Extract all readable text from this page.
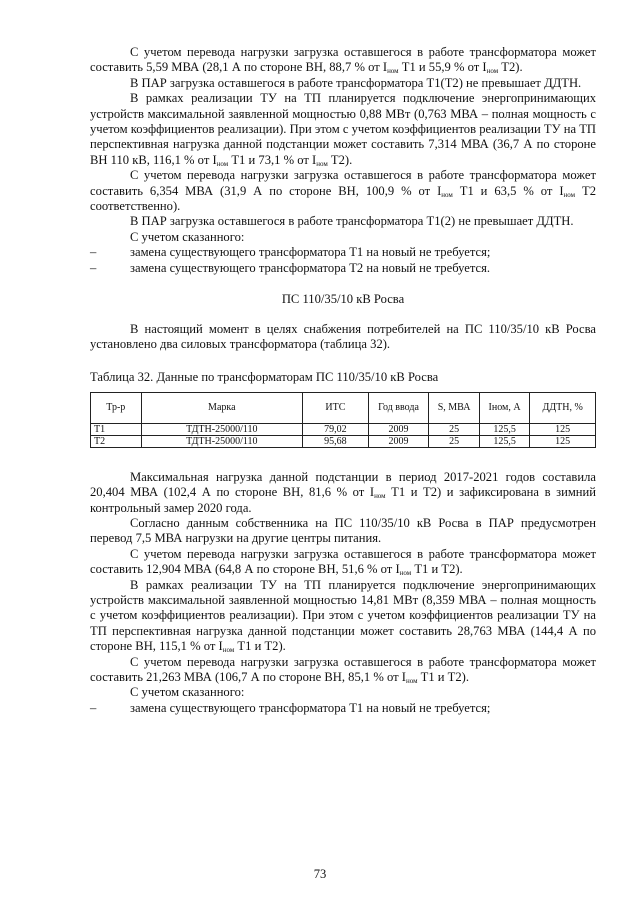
С учетом перевода нагрузки загрузка оставшегося в работе трансформатора может составить 5,59 МВА (28,1 А по стороне ВН, 88,7 % от $I_{ном}$ Т1 и 55,9 % от $I_{ном}$ Т2).

В ПАР загрузка оставшегося в работе трансформатора Т1(Т2) не превышает ДДТН.

В рамках реализации ТУ на ТП планируется подключение энергопринимающих устройств максимальной заявленной мощностью 0,88 МВт (0,763 МВА – полная мощность с учетом коэффициентов реализации). При этом с учетом коэффициентов реализации ТУ на ТП перспективная нагрузка данной подстанции может составить 7,314 МВА (36,7 А по стороне ВН 110 кВ, 116,1 % от $I_{ном}$ Т1 и 73,1 % от $I_{ном}$ Т2).

С учетом перевода нагрузки загрузка оставшегося в работе трансформатора может составить 6,354 МВА (31,9 А по стороне ВН, 100,9 % от $I_{ном}$ Т1 и 63,5 % от $I_{ном}$ Т2 соответственно).

В ПАР загрузка оставшегося в работе трансформатора Т1(2) не превышает ДДТН.

С учетом сказанного:

–	замена существующего трансформатора Т1 на новый не требуется;

–	замена существующего трансформатора Т2 на новый не требуется.

ПС 110/35/10 кВ Росва

В настоящий момент в целях снабжения потребителей на ПС 110/35/10 кВ Росва установлено два силовых трансформатора (таблица 32).

Таблица 32. Данные по трансформаторам ПС 110/35/10 кВ Росва

Тр-р	Марка	ИТС	Год ввода	S, МВА	Iном, А	ДДТН, %
Т1	ТДТН-25000/110	79,02	2009	25	125,5	125
Т2	ТДТН-25000/110	95,68	2009	25	125,5	125

Максимальная нагрузка данной подстанции в период 2017-2021 годов составила 20,404 МВА (102,4 А по стороне ВН, 81,6 % от $I_{ном}$ Т1 и Т2) и зафиксирована в зимний контрольный замер 2020 года.

Согласно данным собственника на ПС 110/35/10 кВ Росва в ПАР предусмотрен перевод 7,5 МВА нагрузки на другие центры питания.

С учетом перевода нагрузки загрузка оставшегося в работе трансформатора может составить 12,904 МВА (64,8 А по стороне ВН, 51,6 % от $I_{ном}$ Т1 и Т2).

В рамках реализации ТУ на ТП планируется подключение энергопринимающих устройств максимальной заявленной мощностью 14,81 МВт (8,359 МВА – полная мощность с учетом коэффициентов реализации). При этом с учетом коэффициентов реализации ТУ на ТП перспективная нагрузка данной подстанции может составить 28,763 МВА (144,4 А по стороне ВН, 115,1 % от $I_{ном}$ Т1 и Т2).

С учетом перевода нагрузки загрузка оставшегося в работе трансформатора может составить 21,263 МВА (106,7 А по стороне ВН, 85,1 % от $I_{ном}$ Т1 и Т2).

С учетом сказанного:

–	замена существующего трансформатора Т1 на новый не требуется;

73
